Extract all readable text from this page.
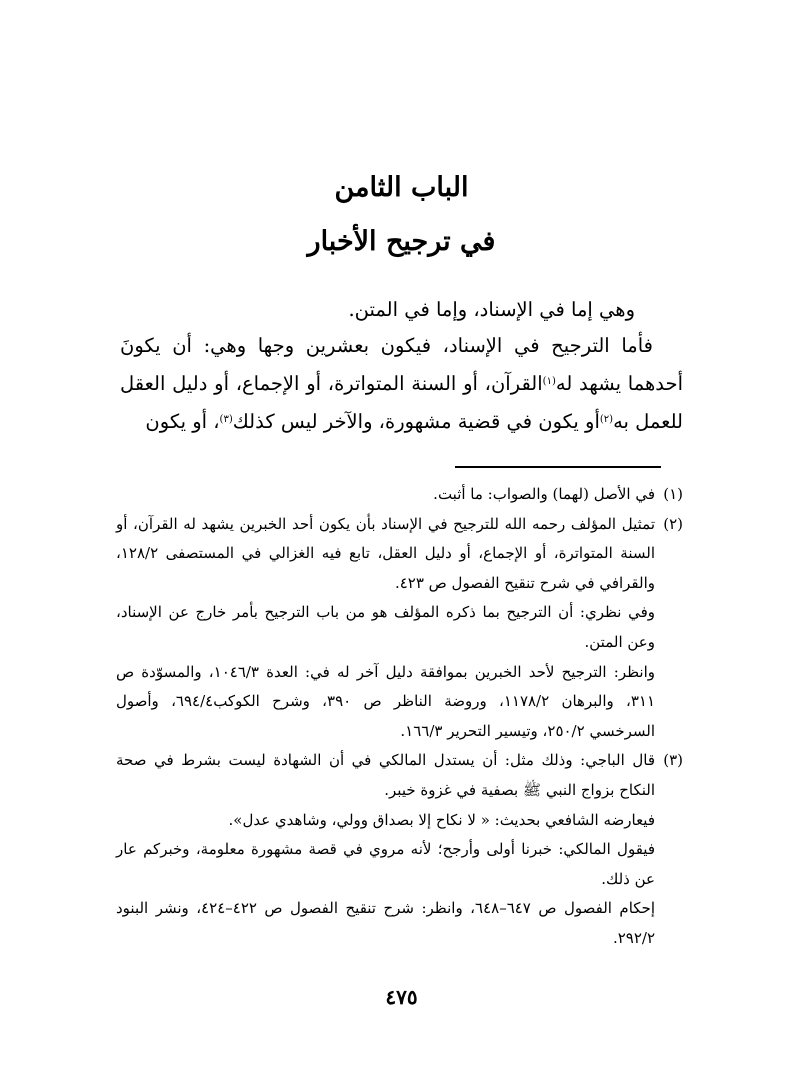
الباب الثامن
في ترجيح الأخبار

وهي إما في الإسناد، وإما في المتن.

فأما الترجيح في الإسناد، فيكون بعشرين وجها وهي: أن يكونَ أحدهما يشهد له$^{(١)}$القرآن، أو السنة المتواترة، أو الإجماع، أو دليل العقل للعمل به$^{(٢)}$أو يكون في قضية مشهورة، والآخر ليس كذلك$^{(٣)}$، أو يكون

(١)

في الأصل (لهما) والصواب: ما أثبت.

(٢)

تمثيل المؤلف رحمه الله للترجيح في الإسناد بأن يكون أحد الخبرين يشهد له القرآن، أو السنة المتواترة، أو الإجماع، أو دليل العقل، تابع فيه الغزالي في المستصفى ١٢٨/٢، والقرافي في شرح تنقيح الفصول ص ٤٢٣.

وفي نظري: أن الترجيح بما ذكره المؤلف هو من باب الترجيح بأمر خارج عن الإسناد، وعن المتن.

وانظر: الترجيح لأحد الخبرين بموافقة دليل آخر له في: العدة ١٠٤٦/٣، والمسوّدة ص ٣١١، والبرهان ١١٧٨/٢، وروضة الناظر ص ٣٩٠، وشرح الكوكب٦٩٤/٤، وأصول السرخسي ٢٥٠/٢، وتيسير التحرير ١٦٦/٣.

(٣)

قال الباجي: وذلك مثل: أن يستدل المالكي في أن الشهادة ليست بشرط في صحة النكاح بزواج النبي ﷺ بصفية في غزوة خيبر.

فيعارضه الشافعي بحديث: « لا نكاح إلا بصداق وولي، وشاهدي عدل».

فيقول المالكي: خبرنا أولى وأرجح؛ لأنه مروي في قصة مشهورة معلومة، وخبركم عار عن ذلك.

إحكام الفصول ص ٦٤٧–٦٤٨، وانظر: شرح تنقيح الفصول ص ٤٢٢–٤٢٤، ونشر البنود ٢٩٢/٢.

٤٧٥
